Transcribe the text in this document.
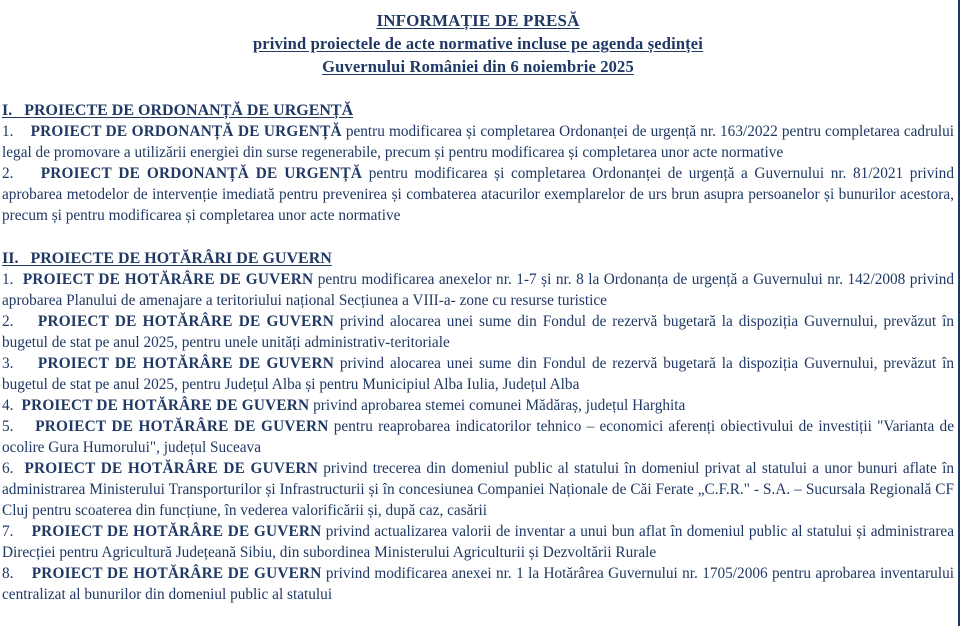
INFORMAȚIE DE PRESĂ
privind proiectele de acte normative incluse pe agenda ședinței
Guvernului României din 6 noiembrie 2025
I.   PROIECTE DE ORDONANȚĂ DE URGENȚĂ

1. PROIECT DE ORDONANȚĂ DE URGENȚĂ pentru modificarea și completarea Ordonanței de urgență nr. 163/2022 pentru completarea cadrului legal de promovare a utilizării energiei din surse regenerabile, precum și pentru modificarea și completarea unor acte normative

2. PROIECT DE ORDONANȚĂ DE URGENȚĂ pentru modificarea și completarea Ordonanței de urgență a Guvernului nr. 81/2021 privind aprobarea metodelor de intervenție imediată pentru prevenirea și combaterea atacurilor exemplarelor de urs brun asupra persoanelor și bunurilor acestora, precum și pentru modificarea și completarea unor acte normative

II.   PROIECTE DE HOTĂRÂRI DE GUVERN

1. PROIECT DE HOTĂRÂRE DE GUVERN pentru modificarea anexelor nr. 1-7 și nr. 8 la Ordonanța de urgență a Guvernului nr. 142/2008 privind aprobarea Planului de amenajare a teritoriului național Secțiunea a VIII-a- zone cu resurse turistice

2. PROIECT DE HOTĂRÂRE DE GUVERN privind alocarea unei sume din Fondul de rezervă bugetară la dispoziția Guvernului, prevăzut în bugetul de stat pe anul 2025, pentru unele unități administrativ-teritoriale

3. PROIECT DE HOTĂRÂRE DE GUVERN privind alocarea unei sume din Fondul de rezervă bugetară la dispoziția Guvernului, prevăzut în bugetul de stat pe anul 2025, pentru Județul Alba și pentru Municipiul Alba Iulia, Județul Alba

4. PROIECT DE HOTĂRÂRE DE GUVERN privind aprobarea stemei comunei Mădăraș, județul Harghita

5. PROIECT DE HOTĂRÂRE DE GUVERN pentru reaprobarea indicatorilor tehnico – economici aferenți obiectivului de investiții "Varianta de ocolire Gura Humorului", județul Suceava

6. PROIECT DE HOTĂRÂRE DE GUVERN privind trecerea din domeniul public al statului în domeniul privat al statului a unor bunuri aflate în administrarea Ministerului Transporturilor și Infrastructurii și în concesiunea Companiei Naționale de Căi Ferate „C.F.R." - S.A. – Sucursala Regională CF Cluj pentru scoaterea din funcțiune, în vederea valorificării și, după caz, casării

7. PROIECT DE HOTĂRÂRE DE GUVERN privind actualizarea valorii de inventar a unui bun aflat în domeniul public al statului și administrarea Direcției pentru Agricultură Județeană Sibiu, din subordinea Ministerului Agriculturii și Dezvoltării Rurale

8. PROIECT DE HOTĂRÂRE DE GUVERN privind modificarea anexei nr. 1 la Hotărârea Guvernului nr. 1705/2006 pentru aprobarea inventarului centralizat al bunurilor din domeniul public al statului
